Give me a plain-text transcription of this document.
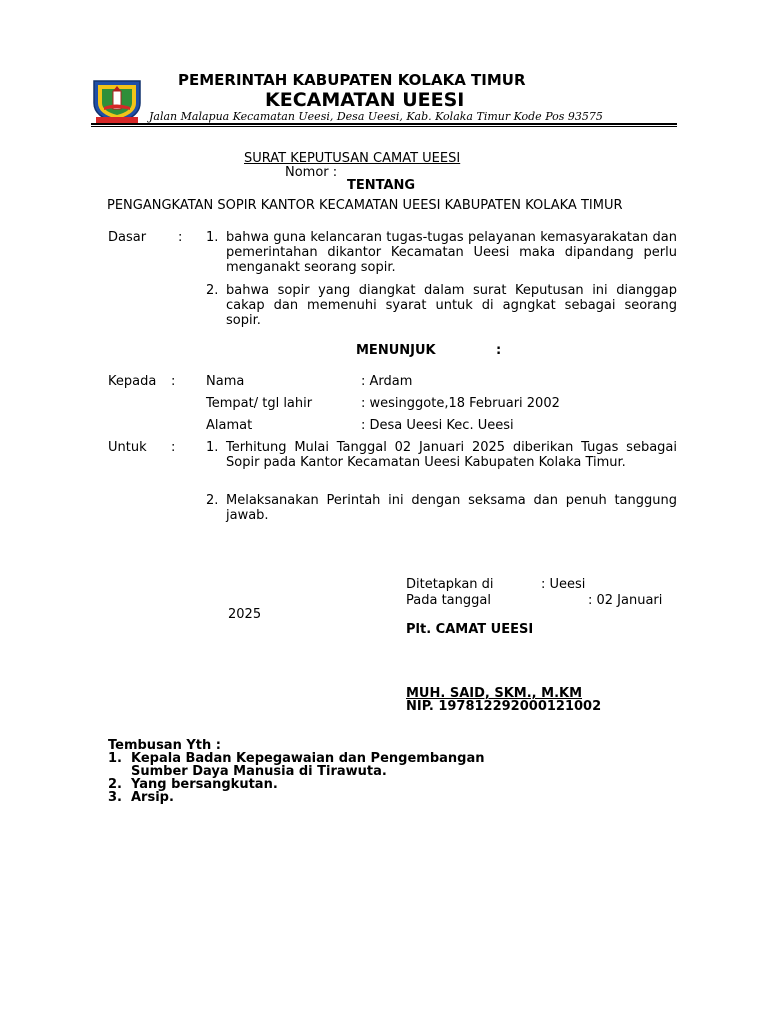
PEMERINTAH KABUPATEN KOLAKA TIMUR
KECAMATAN UEESI
Jalan Malapua Kecamatan Ueesi, Desa Ueesi, Kab. Kolaka Timur Kode Pos 93575
SURAT KEPUTUSAN CAMAT UEESI
Nomor :
TENTANG
PENGANGKATAN SOPIR KANTOR KECAMATAN UEESI KABUPATEN KOLAKA TIMUR
Dasar : 1. bahwa guna kelancaran tugas-tugas pelayanan kemasyarakatan dan pemerintahan dikantor Kecamatan Ueesi maka dipandang perlu menganakt seorang sopir.
2. bahwa sopir yang diangkat dalam surat Keputusan ini dianggap cakap dan memenuhi syarat untuk di agngkat sebagai seorang sopir.
MENUNJUK	:
Kepada : Nama	: Ardam
Tempat/ tgl lahir	: wesinggote,18 Februari 2002
Alamat	: Desa Ueesi Kec. Ueesi
Untuk : 1. Terhitung Mulai Tanggal 02 Januari 2025 diberikan Tugas sebagai Sopir pada Kantor Kecamatan Ueesi Kabupaten Kolaka Timur.
2. Melaksanakan Perintah ini dengan seksama dan penuh tanggung jawab.
Ditetapkan di	: Ueesi
Pada tanggal	: 02 Januari
2025
Plt. CAMAT UEESI
MUH. SAID, SKM., M.KM
NIP. 197812292000121002
Tembusan Yth :
1. Kepala Badan Kepegawaian dan Pengembangan
Sumber Daya Manusia di Tirawuta.
2. Yang bersangkutan.
3. Arsip.
